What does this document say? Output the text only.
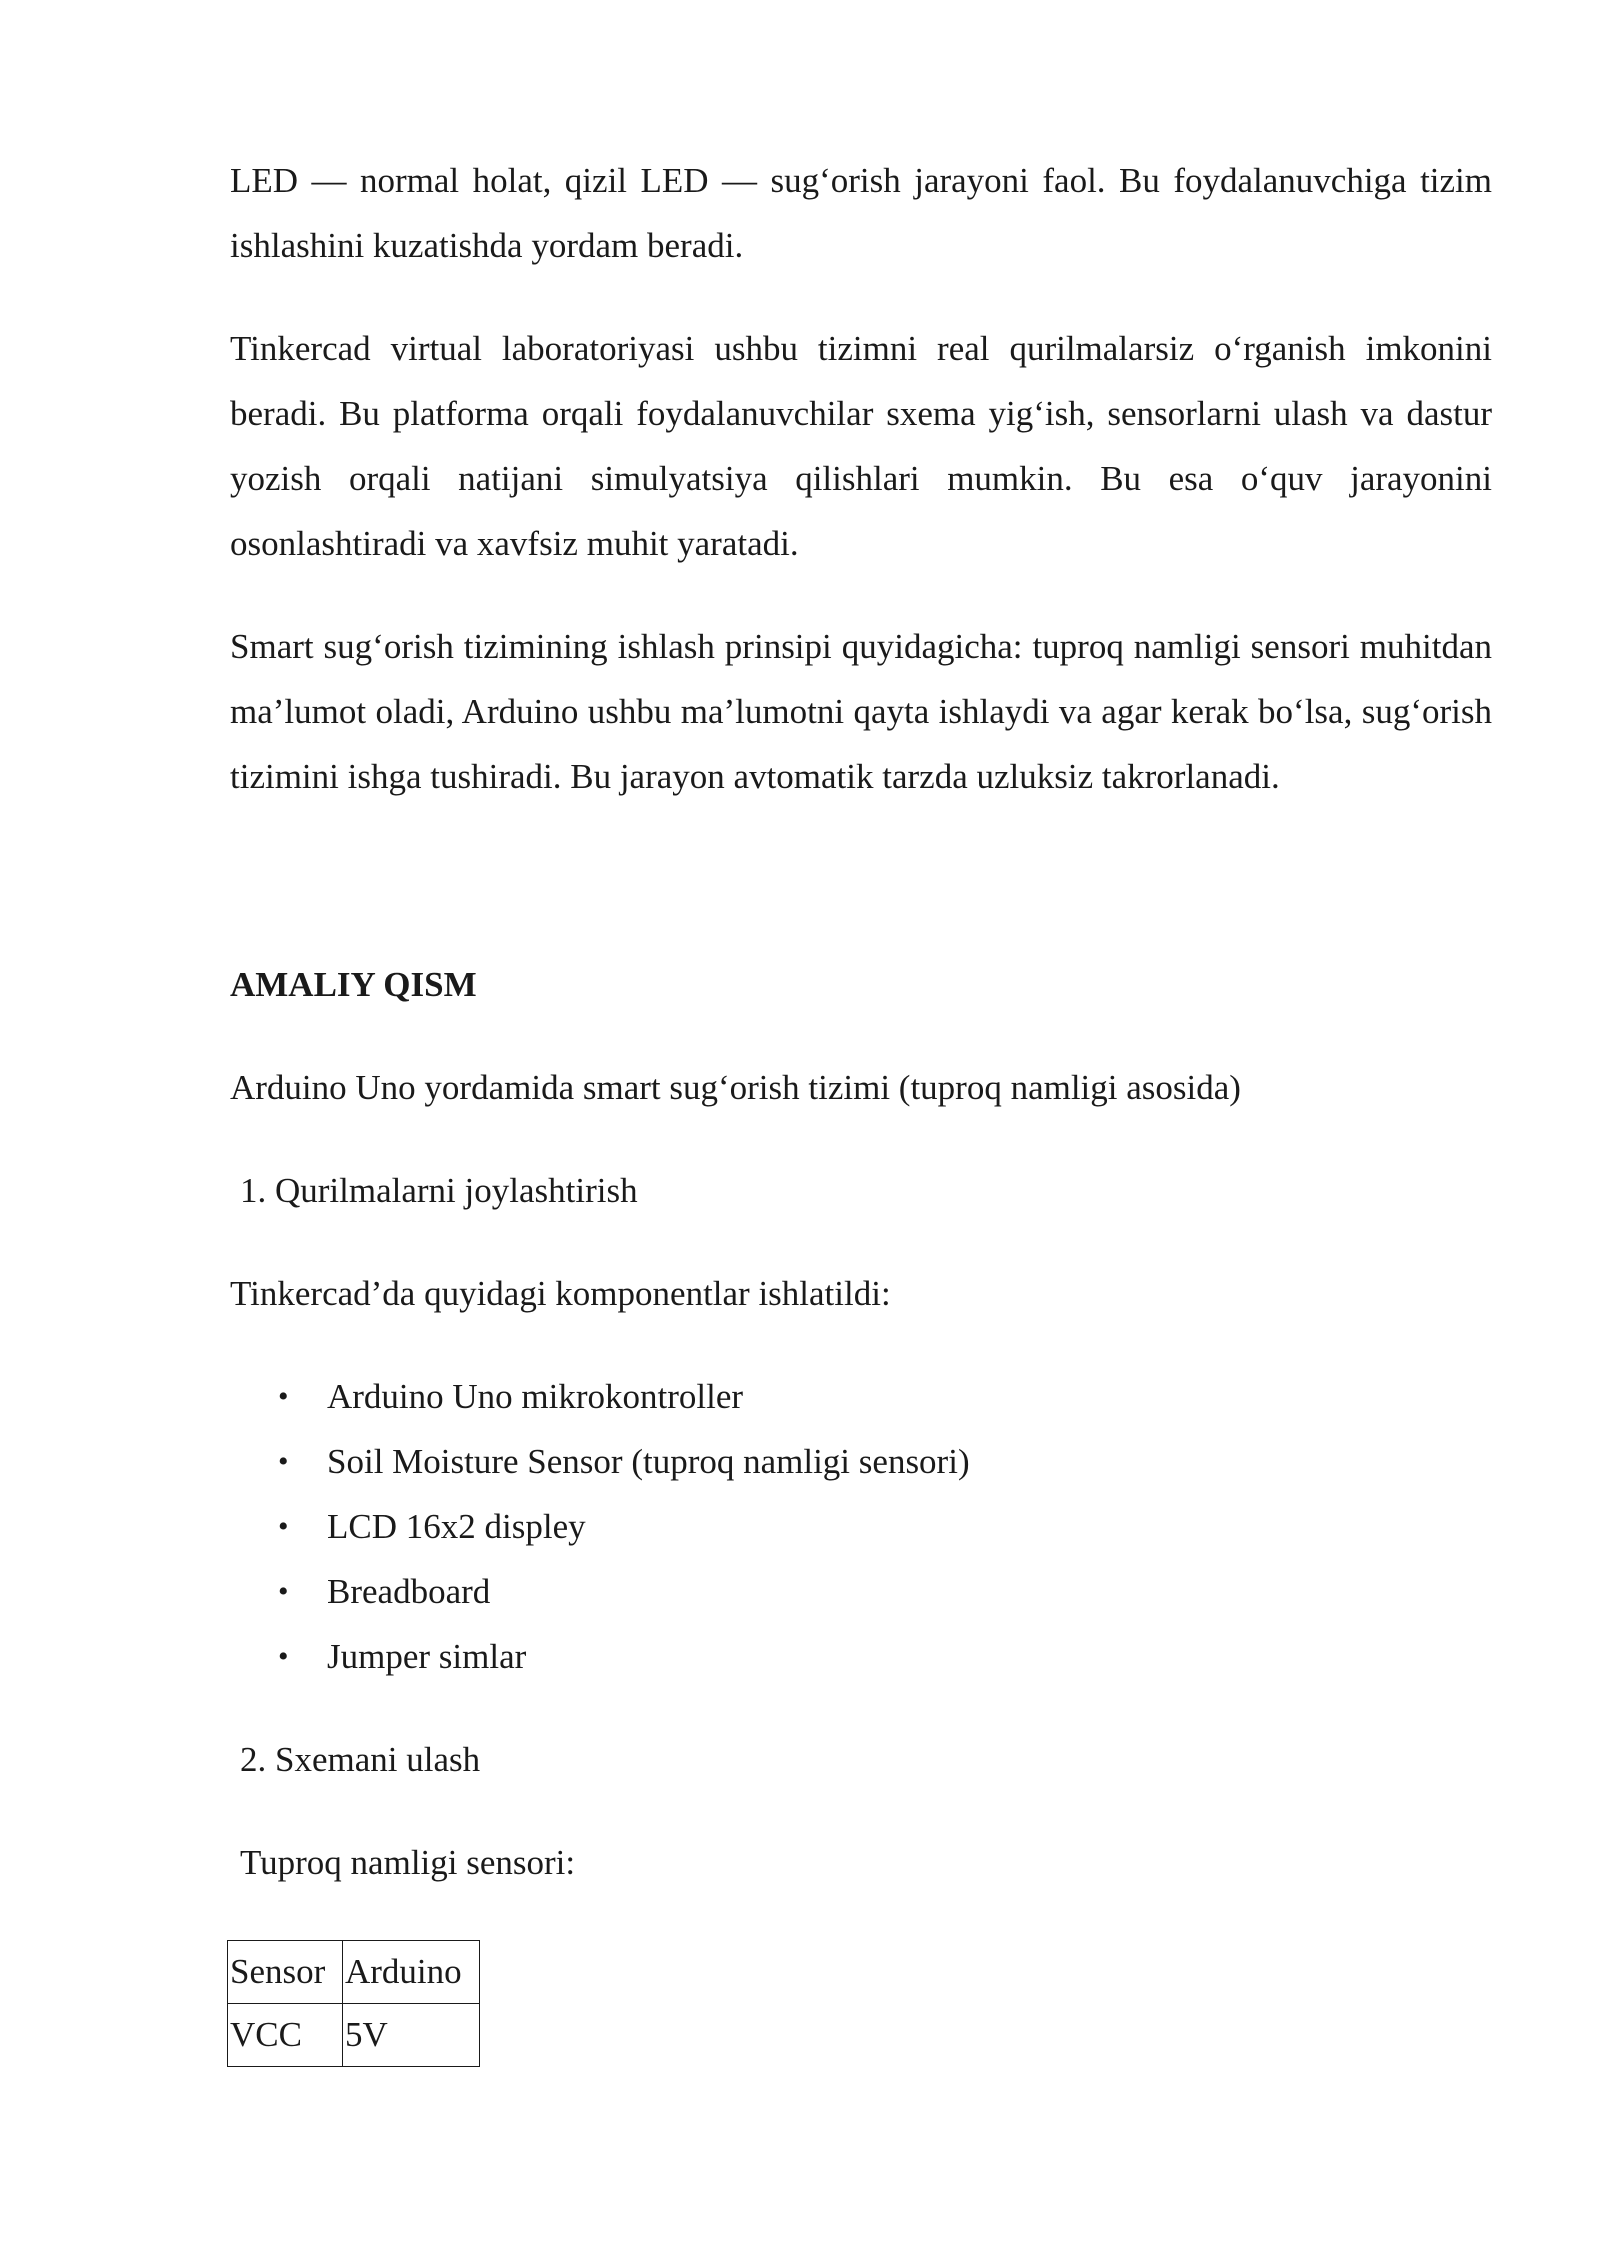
LED — normal holat, qizil LED — sug‘orish jarayoni faol. Bu foydalanuvchiga tizim ishlashini kuzatishda yordam beradi.

Tinkercad virtual laboratoriyasi ushbu tizimni real qurilmalarsiz o‘rganish imkonini beradi. Bu platforma orqali foydalanuvchilar sxema yig‘ish, sensorlarni ulash va dastur yozish orqali natijani simulyatsiya qilishlari mumkin. Bu esa o‘quv jarayonini osonlashtiradi va xavfsiz muhit yaratadi.

Smart sug‘orish tizimining ishlash prinsipi quyidagicha: tuproq namligi sensori muhitdan ma’lumot oladi, Arduino ushbu ma’lumotni qayta ishlaydi va agar kerak bo‘lsa, sug‘orish tizimini ishga tushiradi. Bu jarayon avtomatik tarzda uzluksiz takrorlanadi.

AMALIY QISM

Arduino Uno yordamida smart sug‘orish tizimi (tuproq namligi asosida)

1. Qurilmalarni joylashtirish

Tinkercad’da quyidagi komponentlar ishlatildi:

• Arduino Uno mikrokontroller
• Soil Moisture Sensor (tuproq namligi sensori)
• LCD 16x2 displey
• Breadboard
• Jumper simlar

2. Sxemani ulash

Tuproq namligi sensori:

Sensor	Arduino
VCC	5V
